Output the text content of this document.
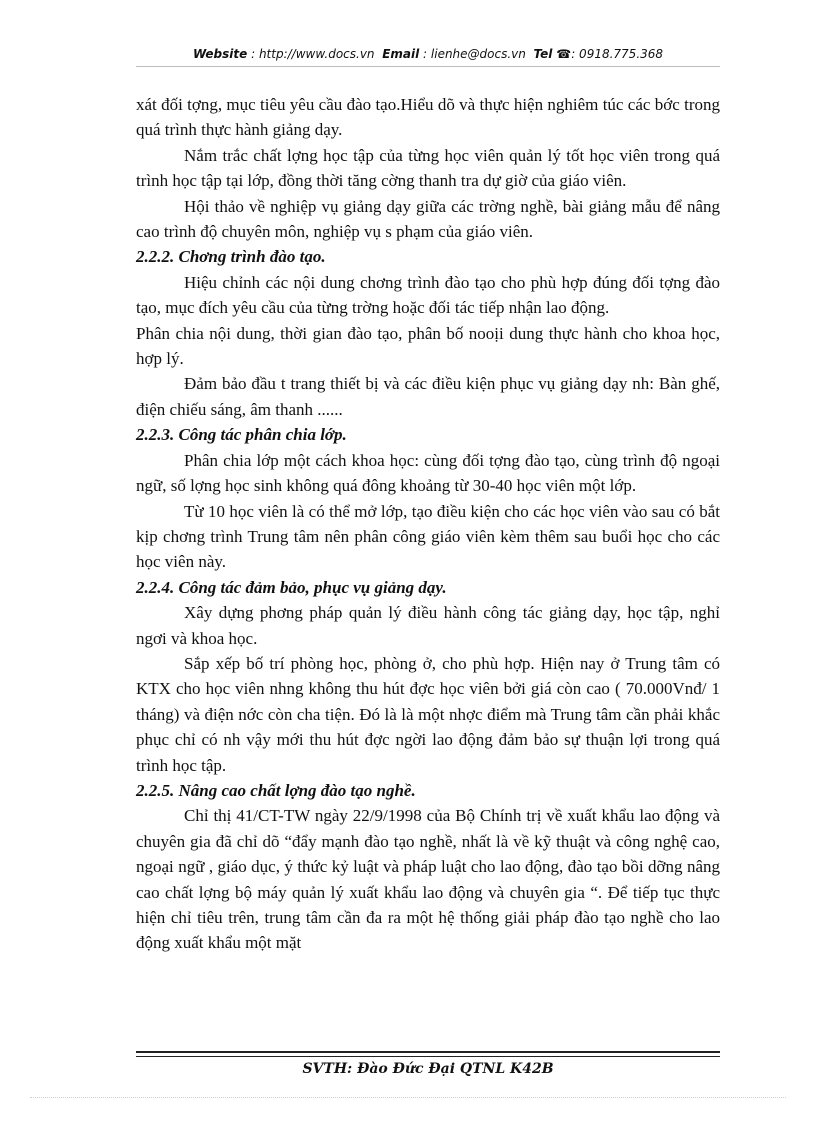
Website : http://www.docs.vn Email : lienhe@docs.vn Tel ☎: 0918.775.368

xát đối tợng, mục tiêu yêu cầu đào tạo.Hiểu dõ và thực hiện nghiêm túc các bớc trong quá trình thực hành giảng dạy.

Nắm trắc chất lợng học tập của từng học viên quản lý tốt học viên trong quá trình học tập tại lớp, đồng thời tăng cờng thanh tra dự giờ của giáo viên.

Hội thảo về nghiệp vụ giảng dạy giữa các trờng nghề, bài giảng mẫu để nâng cao trình độ chuyên môn, nghiệp vụ s phạm của giáo viên.

2.2.2. Chơng trình đào tạo.

Hiệu chỉnh các nội dung chơng trình đào tạo cho phù hợp đúng đối tợng đào tạo, mục đích yêu cầu của từng trờng hoặc đối tác tiếp nhận lao động.

Phân chia nội dung, thời gian đào tạo, phân bố nooịi dung thực hành cho khoa học, hợp lý.

Đảm bảo đầu t trang thiết bị và các điều kiện phục vụ giảng dạy nh: Bàn ghế, điện chiếu sáng, âm thanh ......

2.2.3. Công tác phân chia lớp.

Phân chia lớp một cách khoa học: cùng đối tợng đào tạo, cùng trình độ ngoại ngữ, số lợng học sinh không quá đông khoảng từ 30-40 học viên một lớp.

Từ 10 học viên là có thể mở lớp, tạo điều kiện cho các học viên vào sau có bắt kịp chơng trình Trung tâm nên phân công giáo viên kèm thêm sau buổi học cho các học viên này.

2.2.4. Công tác đảm bảo, phục vụ giảng dạy.

Xây dựng phơng pháp quản lý điều hành công tác giảng dạy, học tập, nghỉ ngơi và khoa học.

Sắp xếp bố trí phòng học, phòng ở, cho phù hợp. Hiện nay ở Trung tâm có KTX cho học viên nhng không thu hút đợc học viên bởi giá còn cao ( 70.000Vnđ/ 1 tháng) và điện nớc còn cha tiện. Đó là là một nhợc điểm mà Trung tâm cần phải khắc phục chỉ có nh vậy mới thu hút đợc ngời lao động đảm bảo sự thuận lợi trong quá trình học tập.

2.2.5. Nâng cao chất lợng đào tạo nghề.

Chỉ thị 41/CT-TW ngày 22/9/1998 của Bộ Chính trị về xuất khẩu lao động và chuyên gia đã chỉ dõ “đẩy mạnh đào tạo nghề, nhất là về kỹ thuật và công nghệ cao, ngoại ngữ , giáo dục, ý thức kỷ luật và pháp luật cho lao động, đào tạo bồi dỡng nâng cao chất lợng bộ máy quản lý xuất khẩu lao động và chuyên gia “. Để tiếp tục thực hiện chỉ tiêu trên, trung tâm cần đa ra một hệ thống giải pháp đào tạo nghề cho lao động xuất khẩu một mặt

SVTH: Đào Đức Đại QTNL K42B
